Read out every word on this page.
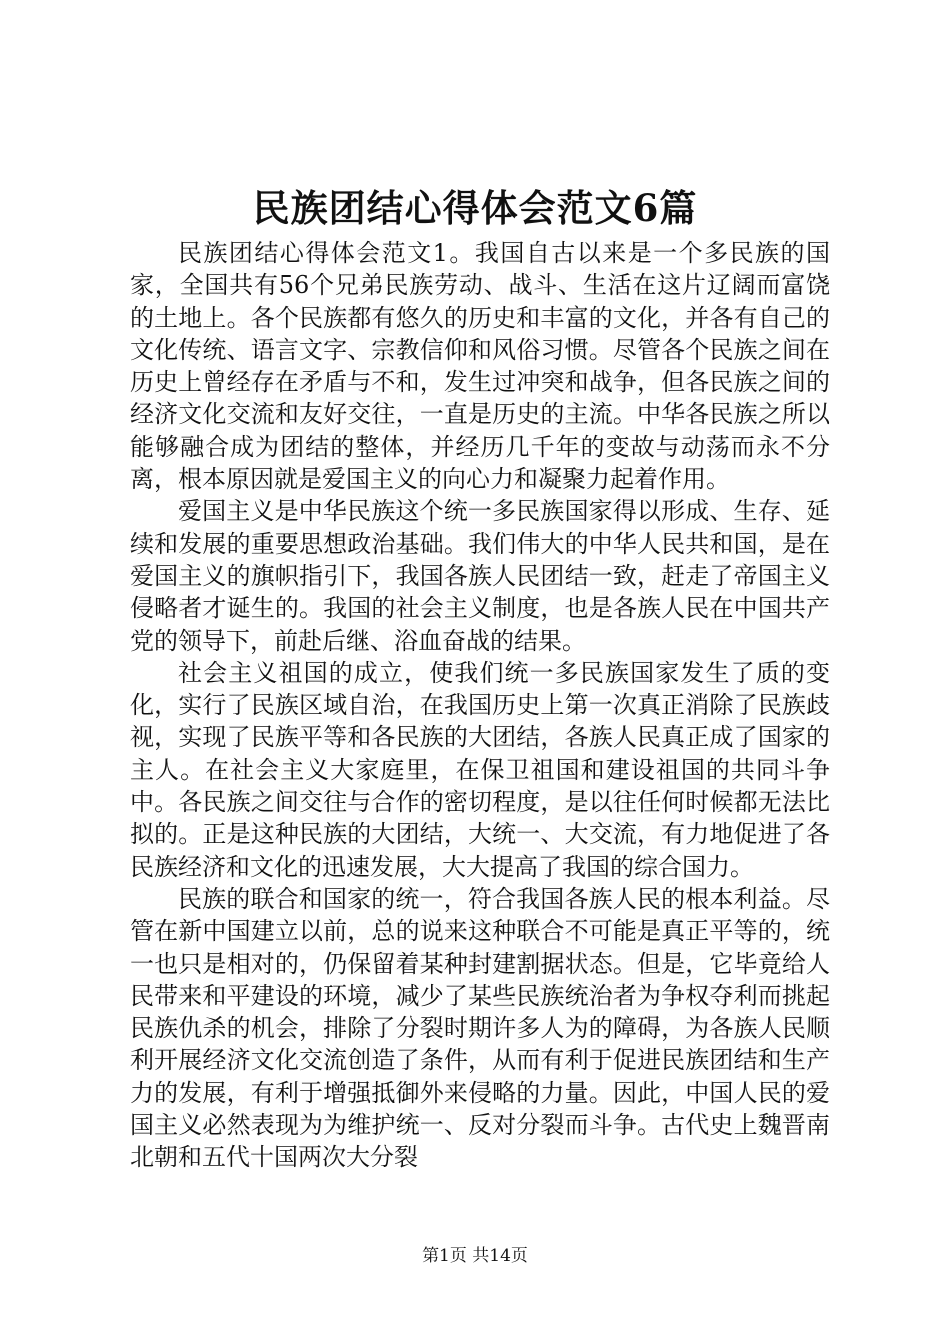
民族团结心得体会范文6篇

民族团结心得体会范文1。我国自古以来是一个多民族的国家，全国共有56个兄弟民族劳动、战斗、生活在这片辽阔而富饶的土地上。各个民族都有悠久的历史和丰富的文化，并各有自己的文化传统、语言文字、宗教信仰和风俗习惯。尽管各个民族之间在历史上曾经存在矛盾与不和，发生过冲突和战争，但各民族之间的经济文化交流和友好交往，一直是历史的主流。中华各民族之所以能够融合成为团结的整体，并经历几千年的变故与动荡而永不分离，根本原因就是爱国主义的向心力和凝聚力起着作用。

爱国主义是中华民族这个统一多民族国家得以形成、生存、延续和发展的重要思想政治基础。我们伟大的中华人民共和国，是在爱国主义的旗帜指引下，我国各族人民团结一致，赶走了帝国主义侵略者才诞生的。我国的社会主义制度，也是各族人民在中国共产党的领导下，前赴后继、浴血奋战的结果。

社会主义祖国的成立，使我们统一多民族国家发生了质的变化，实行了民族区域自治，在我国历史上第一次真正消除了民族歧视，实现了民族平等和各民族的大团结，各族人民真正成了国家的主人。在社会主义大家庭里，在保卫祖国和建设祖国的共同斗争中。各民族之间交往与合作的密切程度，是以往任何时候都无法比拟的。正是这种民族的大团结，大统一、大交流，有力地促进了各民族经济和文化的迅速发展，大大提高了我国的综合国力。

民族的联合和国家的统一，符合我国各族人民的根本利益。尽管在新中国建立以前，总的说来这种联合不可能是真正平等的，统一也只是相对的，仍保留着某种封建割据状态。但是，它毕竟给人民带来和平建设的环境，减少了某些民族统治者为争权夺利而挑起民族仇杀的机会，排除了分裂时期许多人为的障碍，为各族人民顺利开展经济文化交流创造了条件，从而有利于促进民族团结和生产力的发展，有利于增强抵御外来侵略的力量。因此，中国人民的爱国主义必然表现为为维护统一、反对分裂而斗争。古代史上魏晋南北朝和五代十国两次大分裂

第1页 共14页
